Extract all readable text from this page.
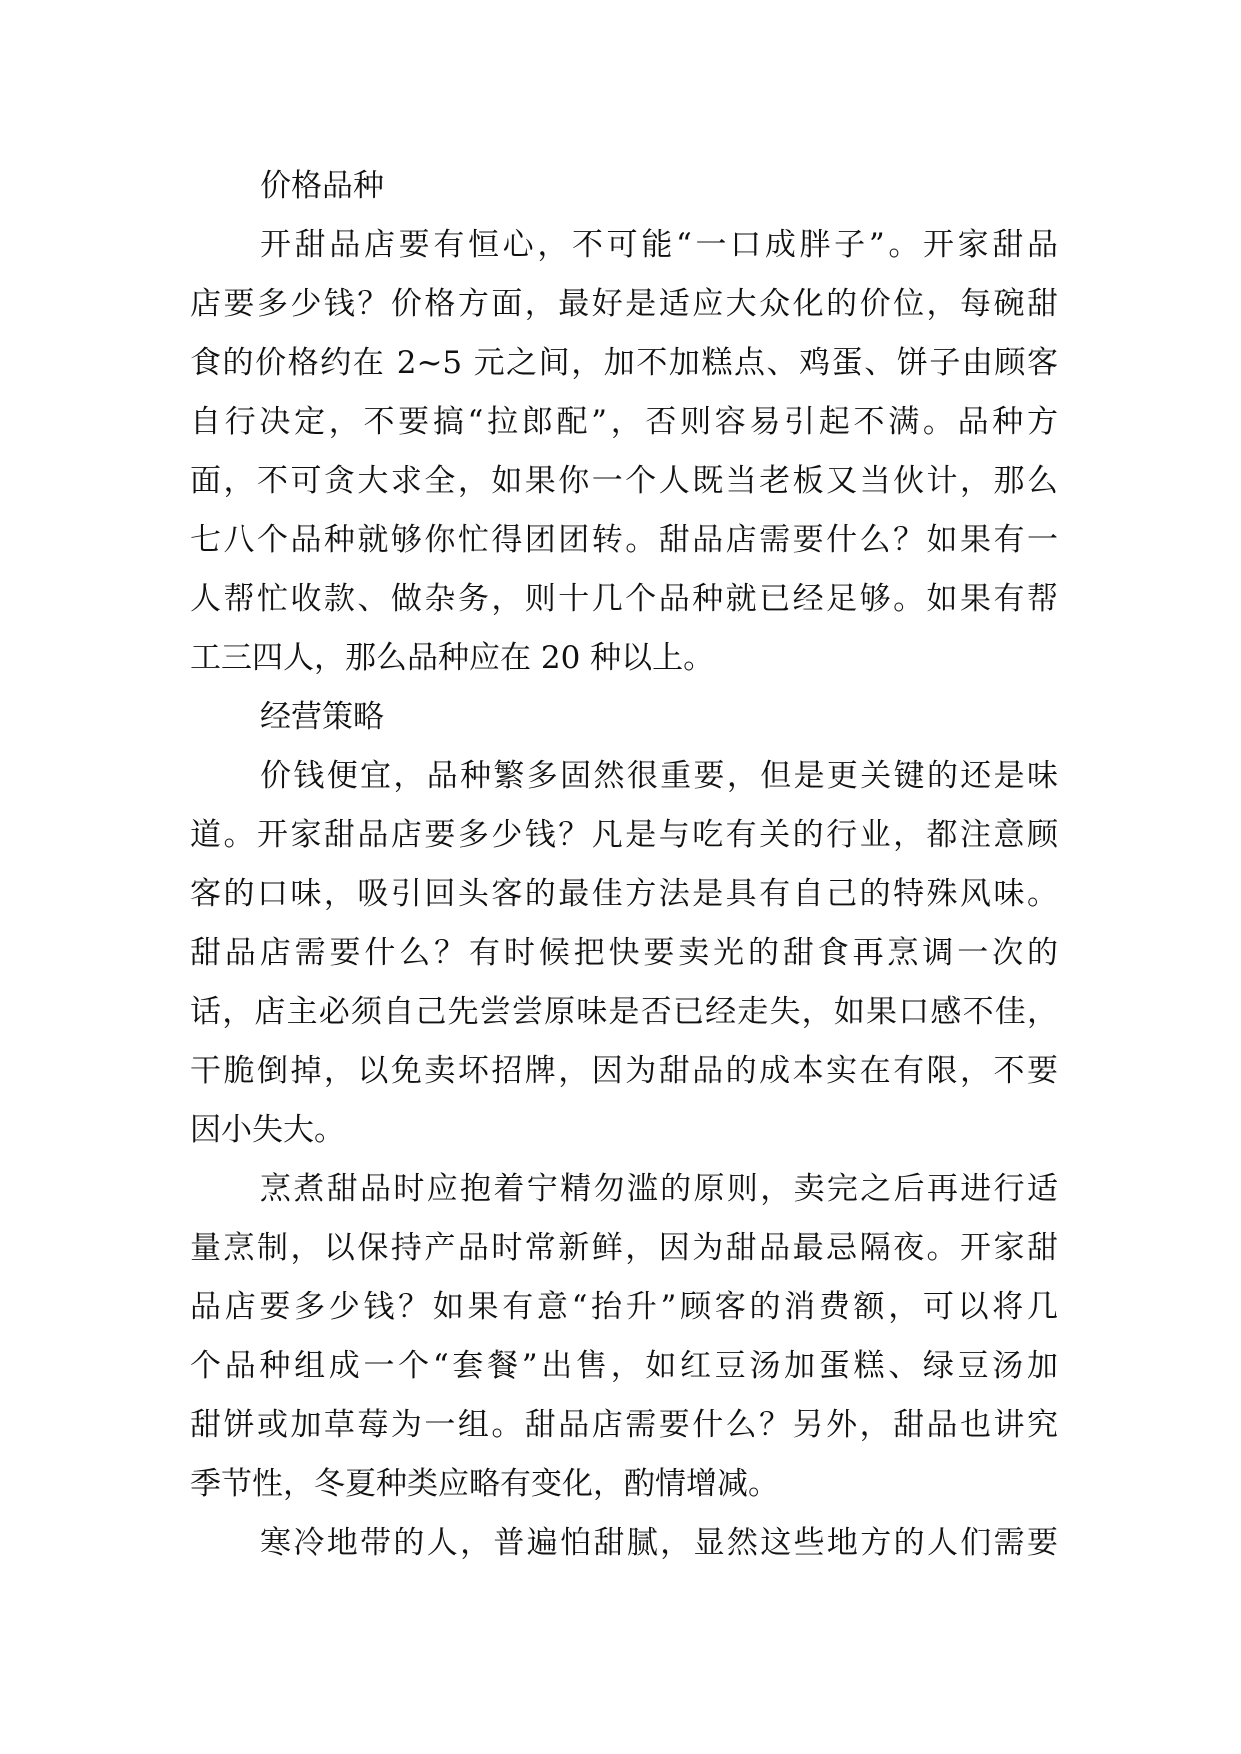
价格品种
开甜品店要有恒心，不可能“一口成胖子”。开家甜品
店要多少钱？价格方面，最好是适应大众化的价位，每碗甜
食的价格约在 2~5 元之间，加不加糕点、鸡蛋、饼子由顾客
自行决定，不要搞“拉郎配”，否则容易引起不满。品种方
面，不可贪大求全，如果你一个人既当老板又当伙计，那么
七八个品种就够你忙得团团转。甜品店需要什么？如果有一
人帮忙收款、做杂务，则十几个品种就已经足够。如果有帮
工三四人，那么品种应在 20 种以上。
经营策略
价钱便宜，品种繁多固然很重要，但是更关键的还是味
道。开家甜品店要多少钱？凡是与吃有关的行业，都注意顾
客的口味，吸引回头客的最佳方法是具有自己的特殊风味。
甜品店需要什么？有时候把快要卖光的甜食再烹调一次的
话，店主必须自己先尝尝原味是否已经走失，如果口感不佳，
干脆倒掉，以免卖坏招牌，因为甜品的成本实在有限，不要
因小失大。
烹煮甜品时应抱着宁精勿滥的原则，卖完之后再进行适
量烹制，以保持产品时常新鲜，因为甜品最忌隔夜。开家甜
品店要多少钱？如果有意“抬升”顾客的消费额，可以将几
个品种组成一个“套餐”出售，如红豆汤加蛋糕、绿豆汤加
甜饼或加草莓为一组。甜品店需要什么？另外，甜品也讲究
季节性，冬夏种类应略有变化，酌情增减。
寒冷地带的人，普遍怕甜腻，显然这些地方的人们需要
